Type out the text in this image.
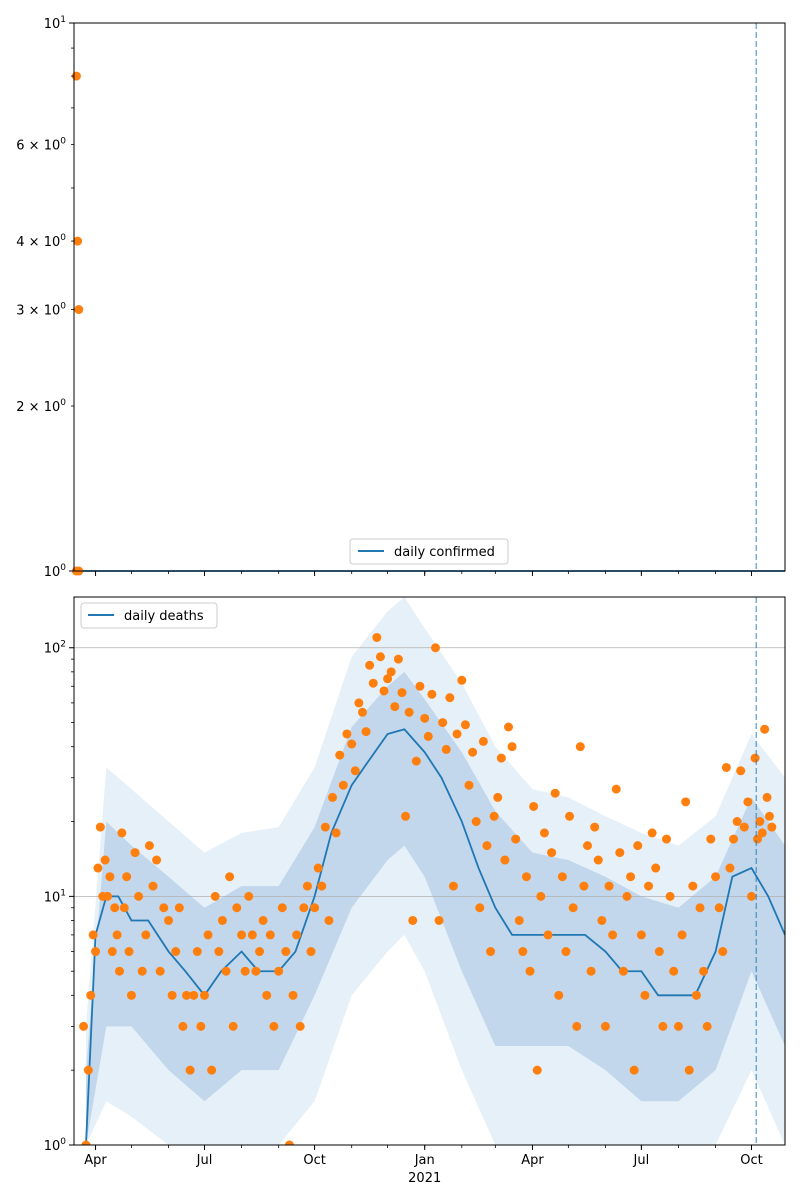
$10^0$
$10^1$
$2 \times 10^0$
$3 \times 10^0$
$4 \times 10^0$
$6 \times 10^0$
daily confirmed
$10^0$
$10^1$
$10^2$
Apr	Jul	Oct	Jan	Apr	Jul	Oct
2021
daily deaths
